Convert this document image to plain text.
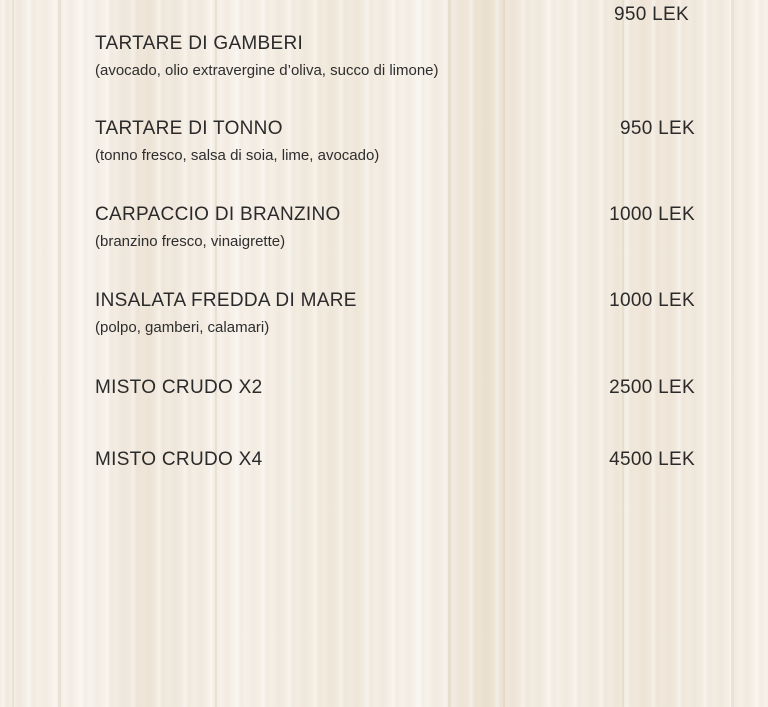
950 LEK
TARTARE DI GAMBERI
(avocado, olio extravergine d’oliva, succo di limone)
TARTARE DI TONNO
(tonno fresco, salsa di soia, lime, avocado)
950 LEK
CARPACCIO DI BRANZINO
(branzino fresco, vinaigrette)
1000 LEK
INSALATA FREDDA DI MARE
(polpo, gamberi, calamari)
1000 LEK
MISTO CRUDO X2	2500 LEK
MISTO CRUDO X4	4500 LEK
